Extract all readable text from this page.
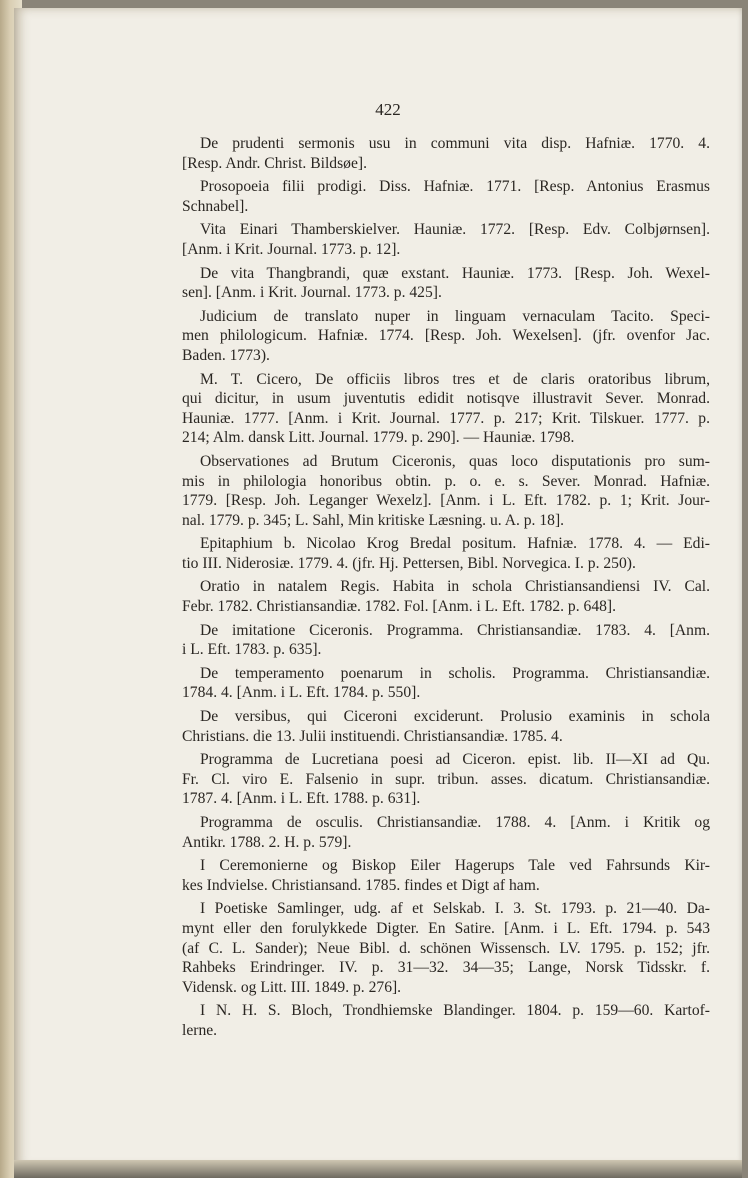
422
De prudenti sermonis usu in communi vita disp. Hafniæ. 1770. 4.
[Resp. Andr. Christ. Bildsøe].
Prosopoeia filii prodigi. Diss. Hafniæ. 1771. [Resp. Antonius Erasmus
Schnabel].
Vita Einari Thamberskielver. Hauniæ. 1772. [Resp. Edv. Colbjørnsen].
[Anm. i Krit. Journal. 1773. p. 12].
De vita Thangbrandi, quæ exstant. Hauniæ. 1773. [Resp. Joh. Wexel-
sen]. [Anm. i Krit. Journal. 1773. p. 425].
Judicium de translato nuper in linguam vernaculam Tacito. Speci-
men philologicum. Hafniæ. 1774. [Resp. Joh. Wexelsen]. (jfr. ovenfor Jac.
Baden. 1773).
M. T. Cicero, De officiis libros tres et de claris oratoribus librum,
qui dicitur, in usum juventutis edidit notisqve illustravit Sever. Monrad.
Hauniæ. 1777. [Anm. i Krit. Journal. 1777. p. 217; Krit. Tilskuer. 1777. p.
214; Alm. dansk Litt. Journal. 1779. p. 290]. — Hauniæ. 1798.
Observationes ad Brutum Ciceronis, quas loco disputationis pro sum-
mis in philologia honoribus obtin. p. o. e. s. Sever. Monrad. Hafniæ.
1779. [Resp. Joh. Leganger Wexelz]. [Anm. i L. Eft. 1782. p. 1; Krit. Jour-
nal. 1779. p. 345; L. Sahl, Min kritiske Læsning. u. A. p. 18].
Epitaphium b. Nicolao Krog Bredal positum. Hafniæ. 1778. 4. — Edi-
tio III. Niderosiæ. 1779. 4. (jfr. Hj. Pettersen, Bibl. Norvegica. I. p. 250).
Oratio in natalem Regis. Habita in schola Christiansandiensi IV. Cal.
Febr. 1782. Christiansandiæ. 1782. Fol. [Anm. i L. Eft. 1782. p. 648].
De imitatione Ciceronis. Programma. Christiansandiæ. 1783. 4. [Anm.
i L. Eft. 1783. p. 635].
De temperamento poenarum in scholis. Programma. Christiansandiæ.
1784. 4. [Anm. i L. Eft. 1784. p. 550].
De versibus, qui Ciceroni exciderunt. Prolusio examinis in schola
Christians. die 13. Julii instituendi. Christiansandiæ. 1785. 4.
Programma de Lucretiana poesi ad Ciceron. epist. lib. II—XI ad Qu.
Fr. Cl. viro E. Falsenio in supr. tribun. asses. dicatum. Christiansandiæ.
1787. 4. [Anm. i L. Eft. 1788. p. 631].
Programma de osculis. Christiansandiæ. 1788. 4. [Anm. i Kritik og
Antikr. 1788. 2. H. p. 579].
I Ceremonierne og Biskop Eiler Hagerups Tale ved Fahrsunds Kir-
kes Indvielse. Christiansand. 1785. findes et Digt af ham.
I Poetiske Samlinger, udg. af et Selskab. I. 3. St. 1793. p. 21—40. Da-
mynt eller den forulykkede Digter. En Satire. [Anm. i L. Eft. 1794. p. 543
(af C. L. Sander); Neue Bibl. d. schönen Wissensch. LV. 1795. p. 152; jfr.
Rahbeks Erindringer. IV. p. 31—32. 34—35; Lange, Norsk Tidsskr. f.
Vidensk. og Litt. III. 1849. p. 276].
I N. H. S. Bloch, Trondhiemske Blandinger. 1804. p. 159—60. Kartof-
lerne.
